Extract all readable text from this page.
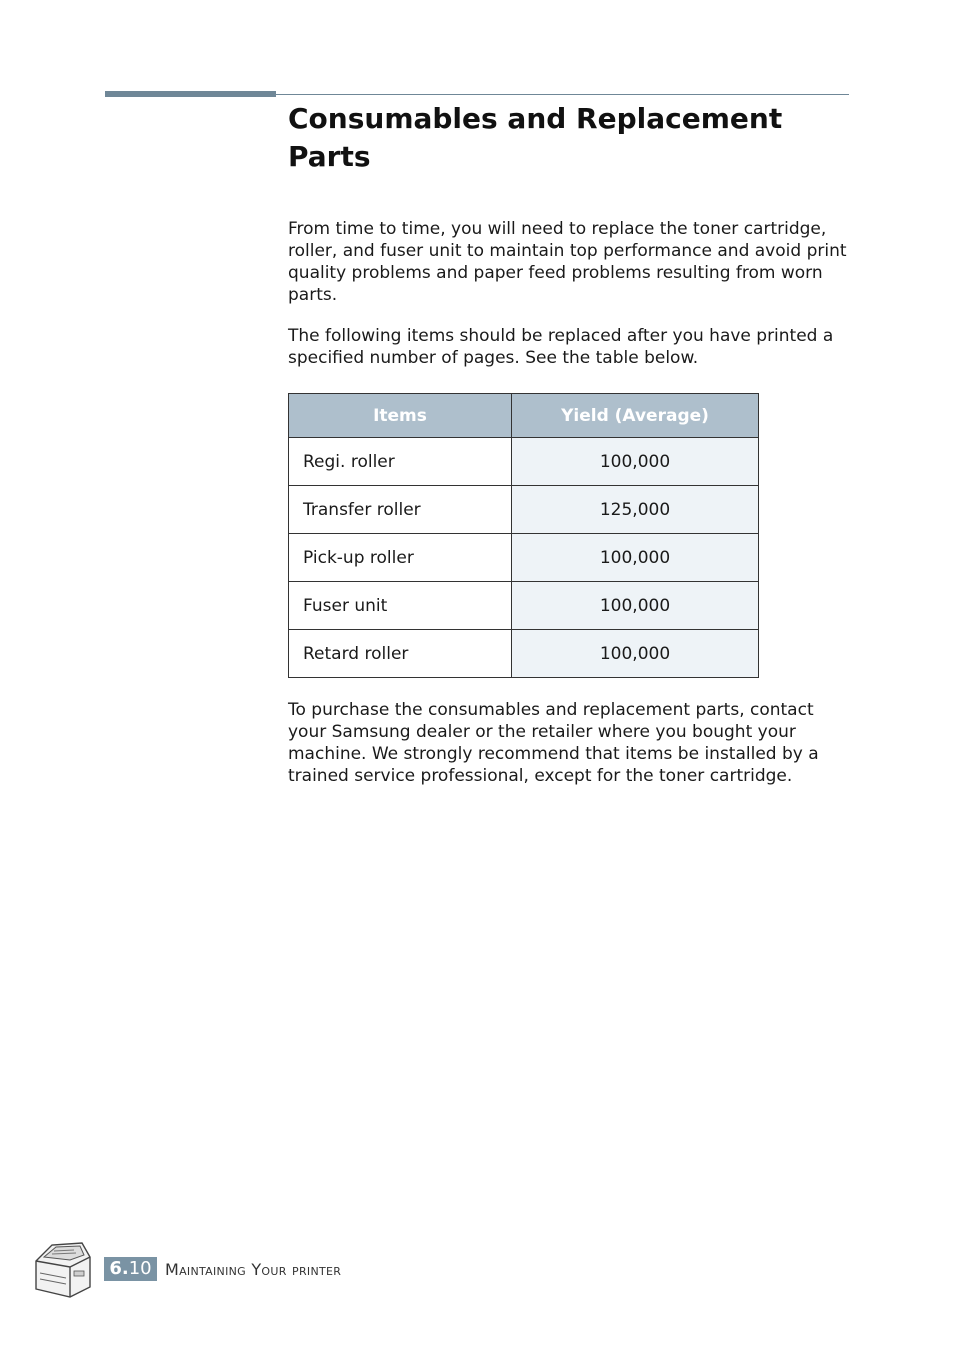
Consumables and Replacement Parts

From time to time, you will need to replace the toner cartridge, roller, and fuser unit to maintain top performance and avoid print quality problems and paper feed problems resulting from worn parts.

The following items should be replaced after you have printed a specified number of pages. See the table below.

Items	Yield (Average)
Regi. roller	100,000
Transfer roller	125,000
Pick-up roller	100,000
Fuser unit	100,000
Retard roller	100,000

To purchase the consumables and replacement parts, contact your Samsung dealer or the retailer where you bought your machine. We strongly recommend that items be installed by a trained service professional, except for the toner cartridge.

6.10 Maintaining Your printer
